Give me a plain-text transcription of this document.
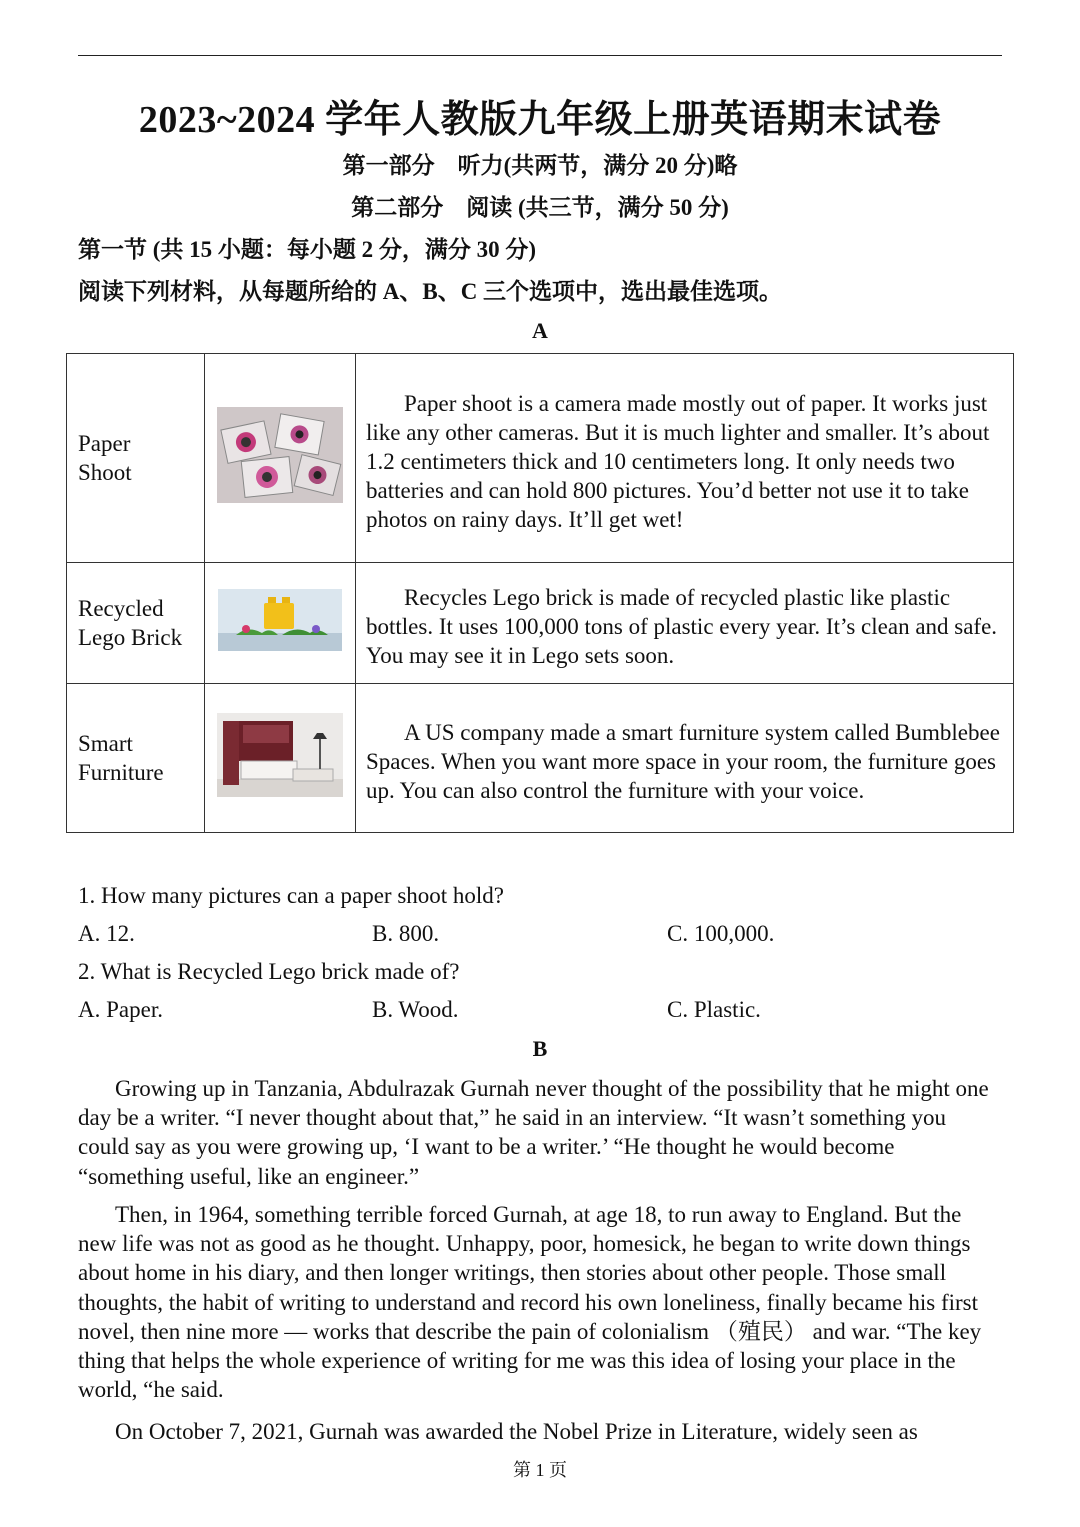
2023~2024 学年人教版九年级上册英语期末试卷
第一部分　听力(共两节，满分 20 分)略
第二部分　阅读 (共三节，满分 50 分)
第一节 (共 15 小题：每小题 2 分，满分 30 分)
阅读下列材料，从每题所给的 A、B、C 三个选项中，选出最佳选项。
A
Paper
Shoot		Paper shoot is a camera made mostly out of paper. It works just like any other cameras. But it is much lighter and smaller. It’s about 1.2 centimeters thick and 10 centimeters long. It only needs two batteries and can hold 800 pictures. You’d better not use it to take photos on rainy days. It’ll get wet!

Recycled
Lego Brick		Recycles Lego brick is made of recycled plastic like plastic bottles. It uses 100,000 tons of plastic every year. It’s clean and safe. You may see it in Lego sets soon.

Smart
Furniture		A US company made a smart furniture system called Bumblebee Spaces. When you want more space in your room, the furniture goes up. You can also control the furniture with your voice.
1. How many pictures can a paper shoot hold?
A. 12.	B. 800.	C. 100,000.
2. What is Recycled Lego brick made of?
A. Paper.	B. Wood.	C. Plastic.
B
Growing up in Tanzania, Abdulrazak Gurnah never thought of the possibility that he might one day be a writer. “I never thought about that,” he said in an interview. “It wasn’t something you could say as you were growing up, ‘I want to be a writer.’ “He thought he would become “something useful, like an engineer.”
Then, in 1964, something terrible forced Gurnah, at age 18, to run away to England. But the new life was not as good as he thought. Unhappy, poor, homesick, he began to write down things about home in his diary, and then longer writings, then stories about other people. Those small thoughts, the habit of writing to understand and record his own loneliness, finally became his first novel, then nine more — works that describe the pain of colonialism （殖民） and war. “The key thing that helps the whole experience of writing for me was this idea of losing your place in the world, “he said.
On October 7, 2021, Gurnah was awarded the Nobel Prize in Literature, widely seen as
第 1 页
